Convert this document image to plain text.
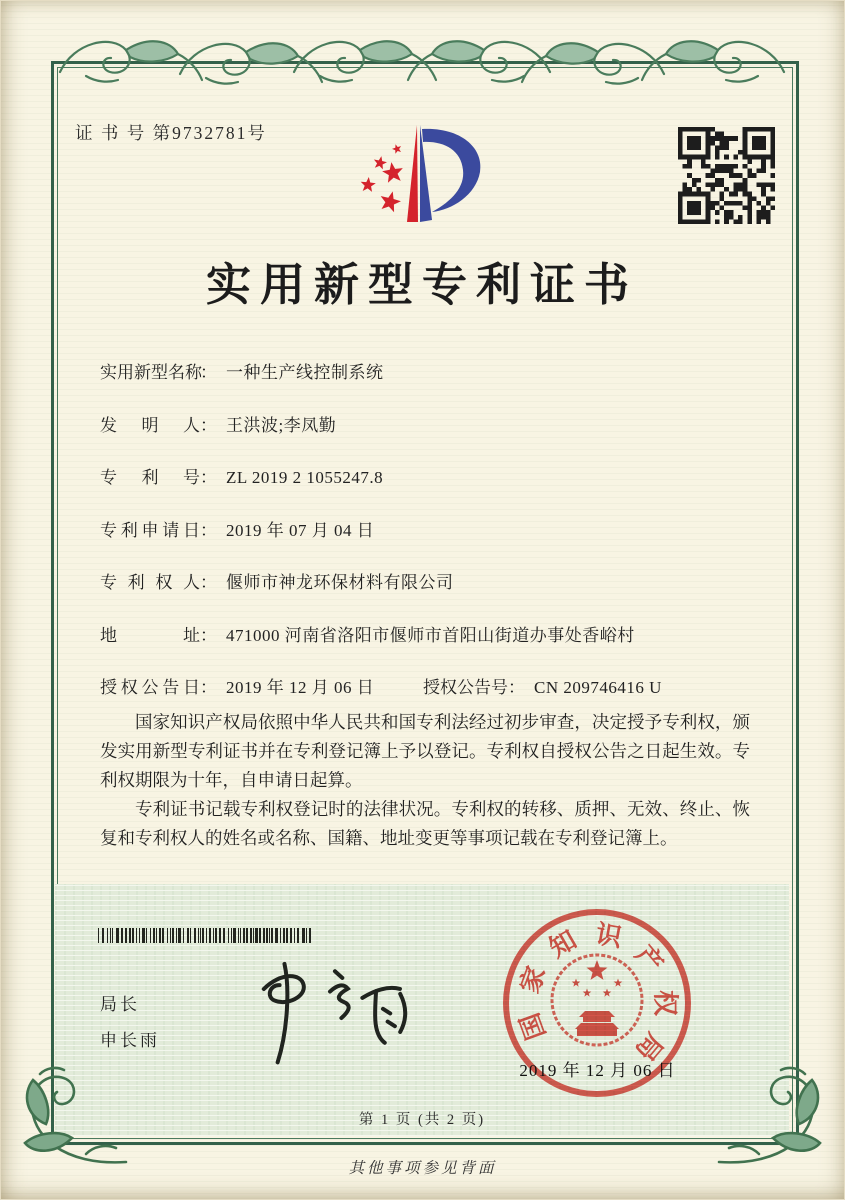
证 书 号 第9732781号
实用新型专利证书
实用新型名称： 一种生产线控制系统
发明人： 王洪波;李凤勤
专利号： ZL 2019 2 1055247.8
专利申请日： 2019 年 07 月 04 日
专利权人： 偃师市神龙环保材料有限公司
地址： 471000 河南省洛阳市偃师市首阳山街道办事处香峪村
授权公告日： 2019 年 12 月 06 日	授权公告号： CN 209746416 U

国家知识产权局依照中华人民共和国专利法经过初步审查，决定授予专利权，颁发实用新型专利证书并在专利登记簿上予以登记。专利权自授权公告之日起生效。专利权期限为十年，自申请日起算。

专利证书记载专利权登记时的法律状况。专利权的转移、质押、无效、终止、恢复和专利权人的姓名或名称、国籍、地址变更等事项记载在专利登记簿上。

局长
申长雨	国
家
知 识
产
权
局
2019 年 12 月 06 日
第 1 页 (共 2 页)
其他事项参见背面
